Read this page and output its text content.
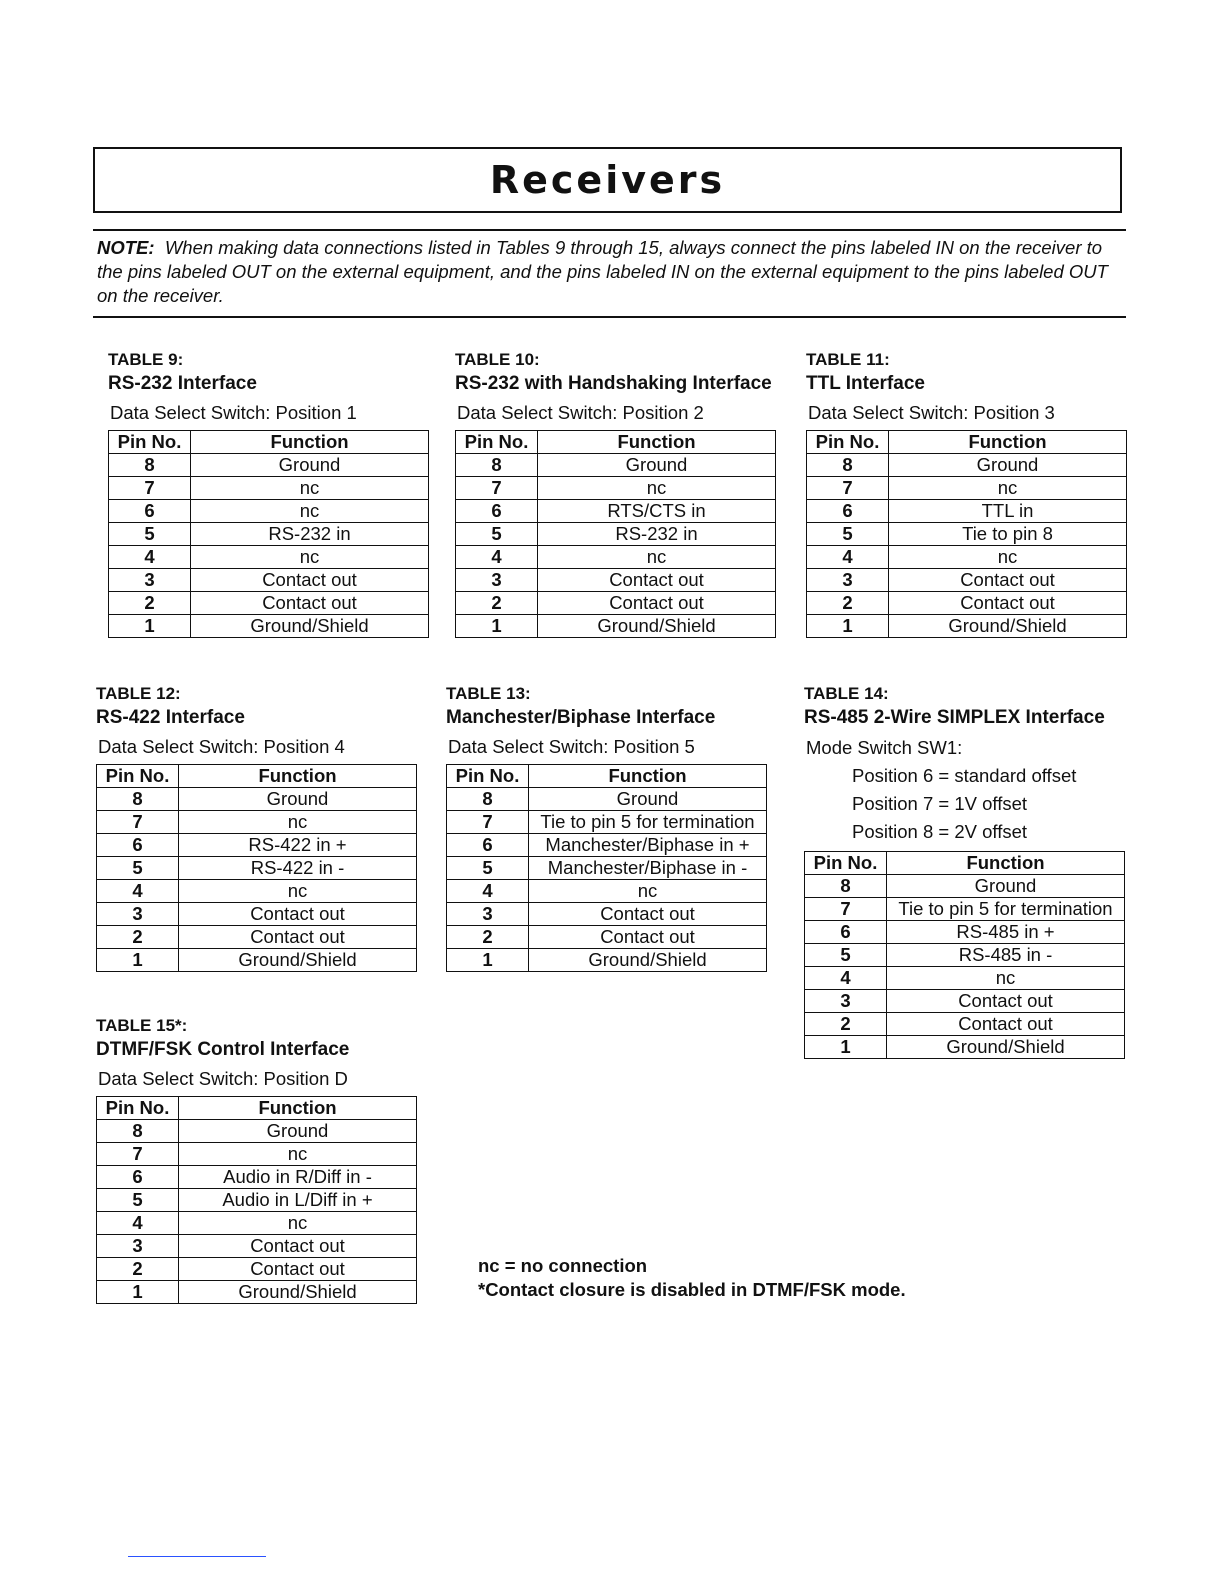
Receivers
NOTE: When making data connections listed in Tables 9 through 15, always connect the pins labeled IN on the receiver to the pins labeled OUT on the external equipment, and the pins labeled IN on the external equipment to the pins labeled OUT on the receiver.

TABLE 9:

RS-232 Interface

Data Select Switch: Position 1

Pin No.	Function
8	Ground
7	nc
6	nc
5	RS-232 in
4	nc
3	Contact out
2	Contact out
1	Ground/Shield

TABLE 10:

RS-232 with Handshaking Interface

Data Select Switch: Position 2

Pin No.	Function
8	Ground
7	nc
6	RTS/CTS in
5	RS-232 in
4	nc
3	Contact out
2	Contact out
1	Ground/Shield

TABLE 11:

TTL Interface

Data Select Switch: Position 3

Pin No.	Function
8	Ground
7	nc
6	TTL in
5	Tie to pin 8
4	nc
3	Contact out
2	Contact out
1	Ground/Shield

TABLE 12:

RS-422 Interface

Data Select Switch: Position 4

Pin No.	Function
8	Ground
7	nc
6	RS-422 in +
5	RS-422 in -
4	nc
3	Contact out
2	Contact out
1	Ground/Shield

TABLE 13:

Manchester/Biphase Interface

Data Select Switch: Position 5

Pin No.	Function
8	Ground
7	Tie to pin 5 for termination
6	Manchester/Biphase in +
5	Manchester/Biphase in -
4	nc
3	Contact out
2	Contact out
1	Ground/Shield

TABLE 14:

RS-485 2-Wire SIMPLEX Interface

Mode Switch SW1:

Position 6 = standard offset
Position 7 = 1V offset
Position 8 = 2V offset
Pin No.	Function
8	Ground
7	Tie to pin 5 for termination
6	RS-485 in +
5	RS-485 in -
4	nc
3	Contact out
2	Contact out
1	Ground/Shield

TABLE 15*:

DTMF/FSK Control Interface

Data Select Switch: Position D

Pin No.	Function
8	Ground
7	nc
6	Audio in R/Diff in -
5	Audio in L/Diff in +
4	nc
3	Contact out
2	Contact out
1	Ground/Shield
nc = no connection
*Contact closure is disabled in DTMF/FSK mode.
